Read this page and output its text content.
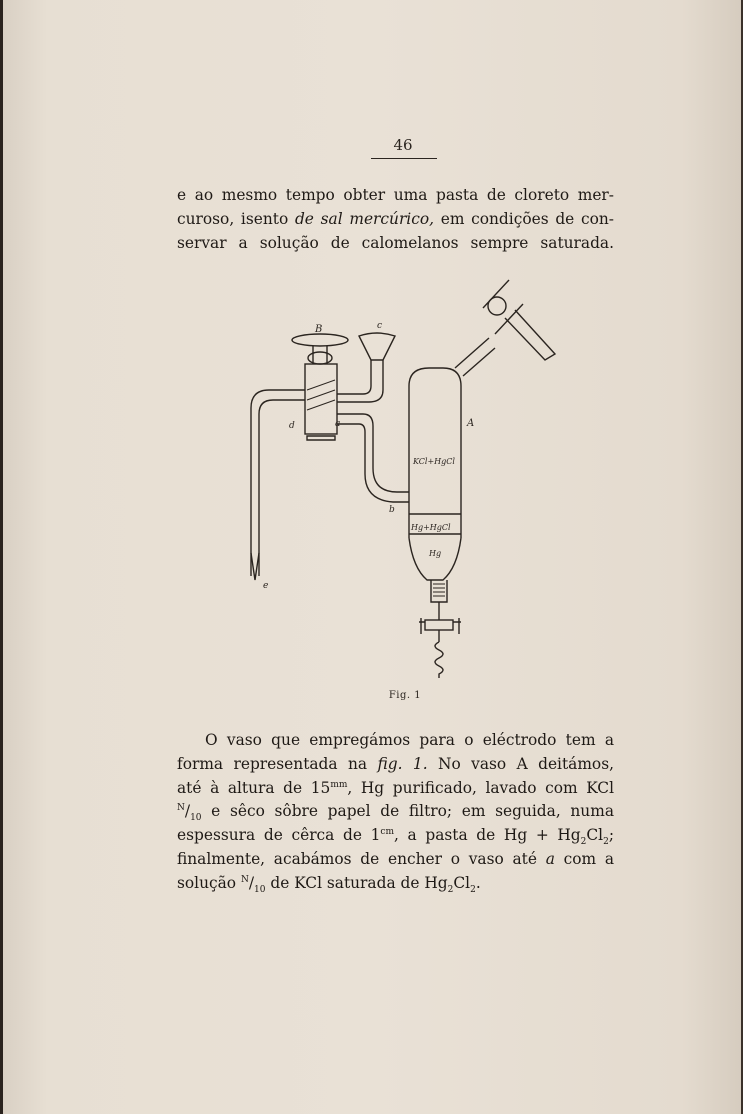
46
e ao mesmo tempo obter uma pasta de cloreto mer-
curoso, isento de sal mercúrico, em condições de con-
servar a solução de calomelanos sempre saturada.
B	c
d	a	A
b
e
KCl+HgCl
Hg+HgCl
Hg
Fig. 1
O vaso que empregámos para o eléctrodo tem a
forma representada na fig. 1. No vaso A deitámos,
até à altura de $15^{mm}$, Hg purificado, lavado com KCl
$^N/_{10}$ e sêco sôbre papel de filtro; em seguida, numa
espessura de cêrca de $1^{cm}$, a pasta de $Hg + Hg_2Cl_2$;
finalmente, acabámos de encher o vaso até a com a
solução $^N/_{10}$ de KCl saturada de $Hg_2Cl_2$.
